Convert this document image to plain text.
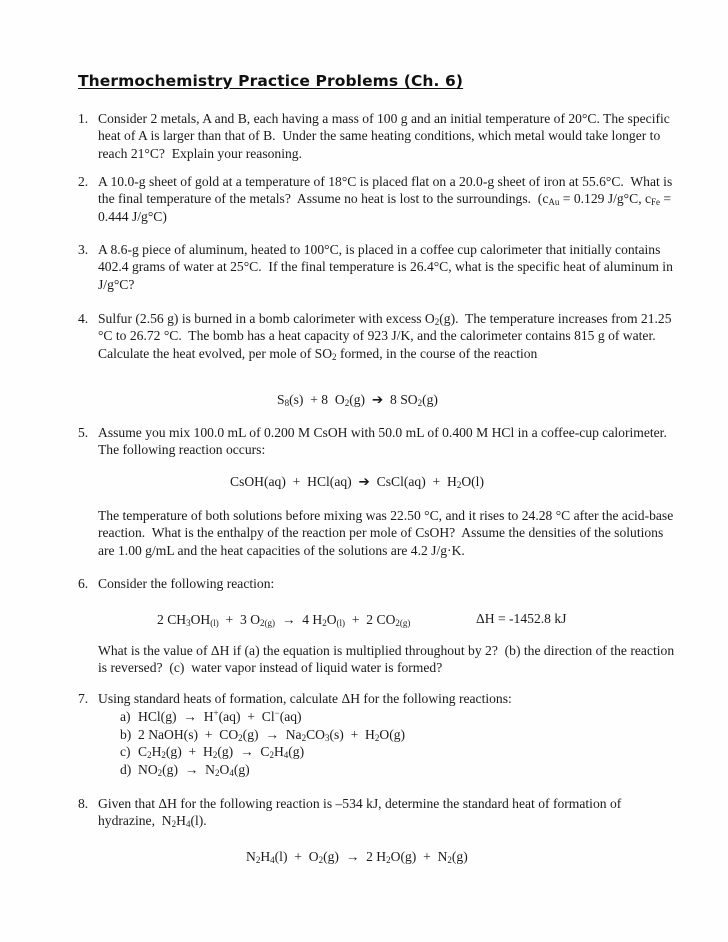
Thermochemistry Practice Problems (Ch. 6)
1. Consider 2 metals, A and B, each having a mass of 100 g and an initial temperature of 20°C. The specific heat of A is larger than that of B.  Under the same heating conditions, which metal would take longer to reach 21°C?  Explain your reasoning.

2. A 10.0-g sheet of gold at a temperature of 18°C is placed flat on a 20.0-g sheet of iron at 55.6°C.  What is the final temperature of the metals?  Assume no heat is lost to the surroundings.  ($c_{Au} = 0.129$ J/g°C, $c_{Fe} = 0.444$ J/g°C)

3. A 8.6-g piece of aluminum, heated to 100°C, is placed in a coffee cup calorimeter that initially contains 402.4 grams of water at 25°C.  If the final temperature is 26.4°C, what is the specific heat of aluminum in J/g°C?

4. Sulfur (2.56 g) is burned in a bomb calorimeter with excess $O_2(g)$.  The temperature increases from 21.25 °C to 26.72 °C.  The bomb has a heat capacity of 923 J/K, and the calorimeter contains 815 g of water.  Calculate the heat evolved, per mole of $SO_2$ formed, in the course of the reaction

$S_8(s) + 8$  $O_2(g)$  ➔  8 $SO_2(g)$
5. Assume you mix 100.0 mL of 0.200 M CsOH with 50.0 mL of 0.400 M HCl in a coffee-cup calorimeter.  The following reaction occurs:

CsOH(aq)  +  HCl(aq)  ➔  CsCl(aq)  +  $H_2O(l)$

The temperature of both solutions before mixing was 22.50 °C, and it rises to 24.28 °C after the acid-base reaction.  What is the enthalpy of the reaction per mole of CsOH?  Assume the densities of the solutions are 1.00 g/mL and the heat capacities of the solutions are 4.2 J/g·K.

6. Consider the following reaction:

2 $CH_3OH_{(l)} + 3$ $O_{2(g)} \to 4$ $H_2O_{(l)} + 2$ $CO_{2(g)}$	ΔH = -1452.8 kJ

What is the value of ΔH if (a) the equation is multiplied throughout by 2?  (b) the direction of the reaction is reversed?  (c)  water vapor instead of liquid water is formed?

7. Using standard heats of formation, calculate ΔH for the following reactions:

a) HCl(g)  →  H+(aq)  +  Cl−(aq)
b) 2 NaOH(s)  +  $CO_2(g) \to Na_2CO_3(s) + H_2O(g)$
c) $C_2H_2(g) + H_2(g) \to C_2H_4(g)$
d) $NO_2(g) \to N_2O_4(g)$
8. Given that ΔH for the following reaction is –534 kJ, determine the standard heat of formation of hydrazine,  $N_2H_4(l)$.

$N_2H_4(l) + O_2(g) \to 2$ $H_2O(g) + N_2(g)$
